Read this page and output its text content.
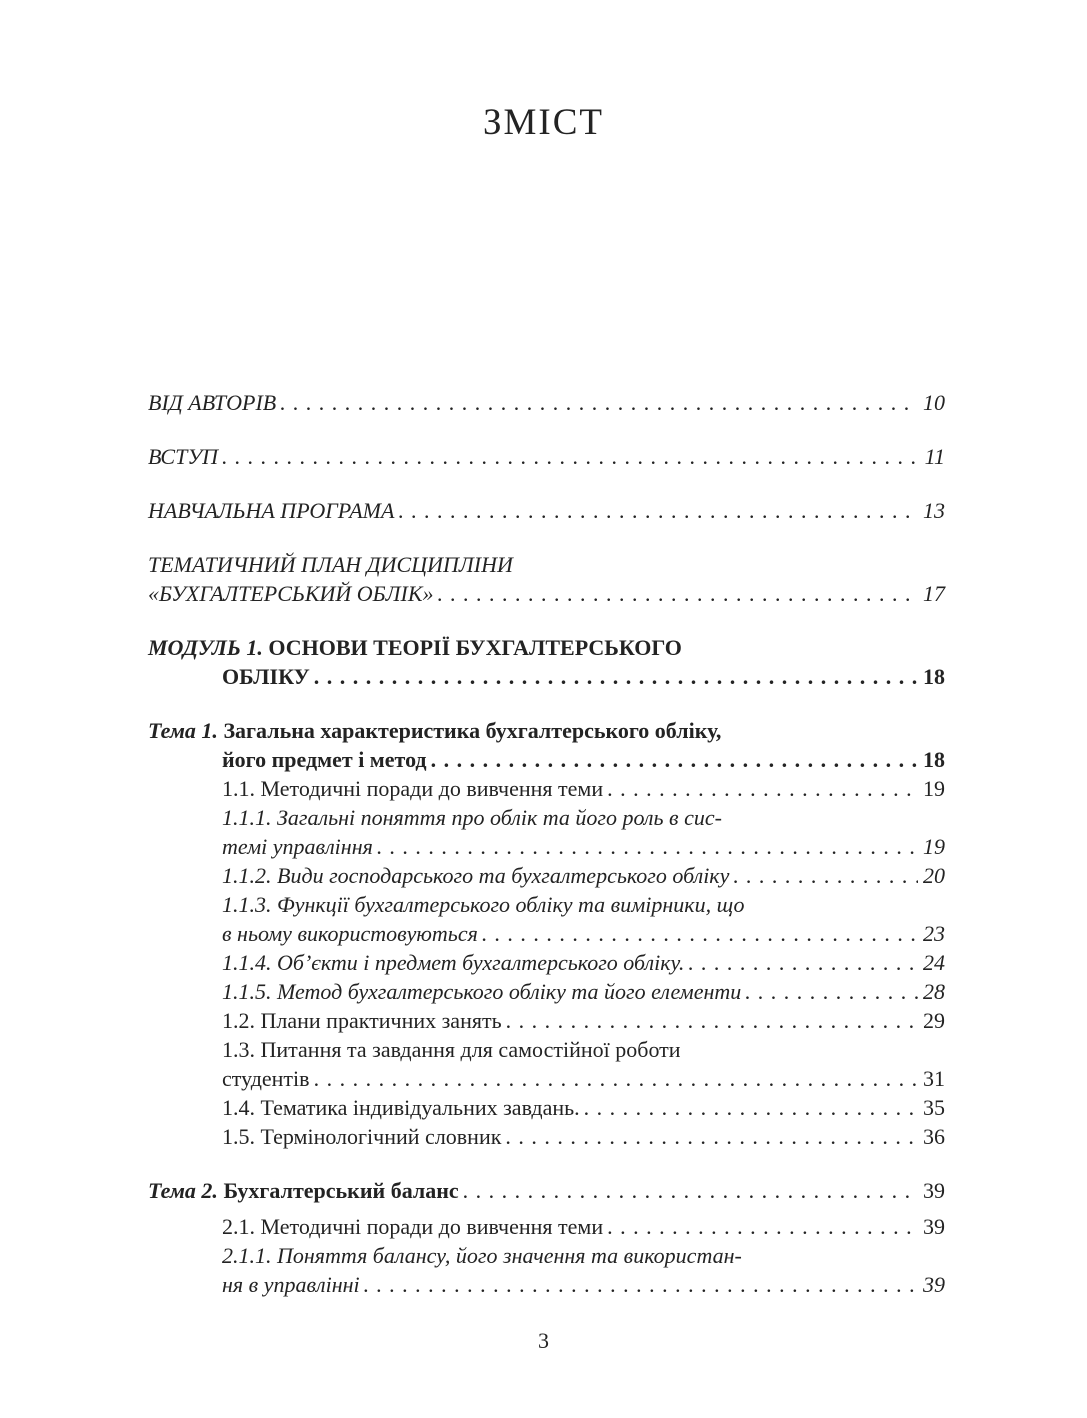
ЗМІСТ
ВІД АВТОРІВ . . .	10
ВСТУП . . .	11
НАВЧАЛЬНА ПРОГРАМА . . .	13
ТЕМАТИЧНИЙ ПЛАН ДИСЦИПЛІНИ
«БУХГАЛТЕРСЬКИЙ ОБЛІК» . . .	17
МОДУЛЬ 1. ОСНОВИ ТЕОРІЇ БУХГАЛТЕРСЬКОГО
ОБЛІКУ . . .	18
Тема 1. Загальна характеристика бухгалтерського обліку,
його предмет і метод . . .	18
1.1. Методичні поради до вивчення теми . . .	19
1.1.1. Загальні поняття про облік та його роль в сис-
темі управління . . .	19
1.1.2. Види господарського та бухгалтерського обліку . . .	20
1.1.3. Функції бухгалтерського обліку та вимірники, що
в ньому використовуються . . .	23
1.1.4. Об’єкти і предмет бухгалтерського обліку. . . .	24
1.1.5. Метод бухгалтерського обліку та його елементи . . .	28
1.2. Плани практичних занять . . .	29
1.3. Питання та завдання для самостійної роботи
студентів . . .	31
1.4. Тематика індивідуальних завдань. . . .	35
1.5. Термінологічний словник . . .	36
Тема 2. Бухгалтерський баланс . . .	39
2.1. Методичні поради до вивчення теми . . .	39
2.1.1. Поняття балансу, його значення та використан-
ня в управлінні . . .	39
3
